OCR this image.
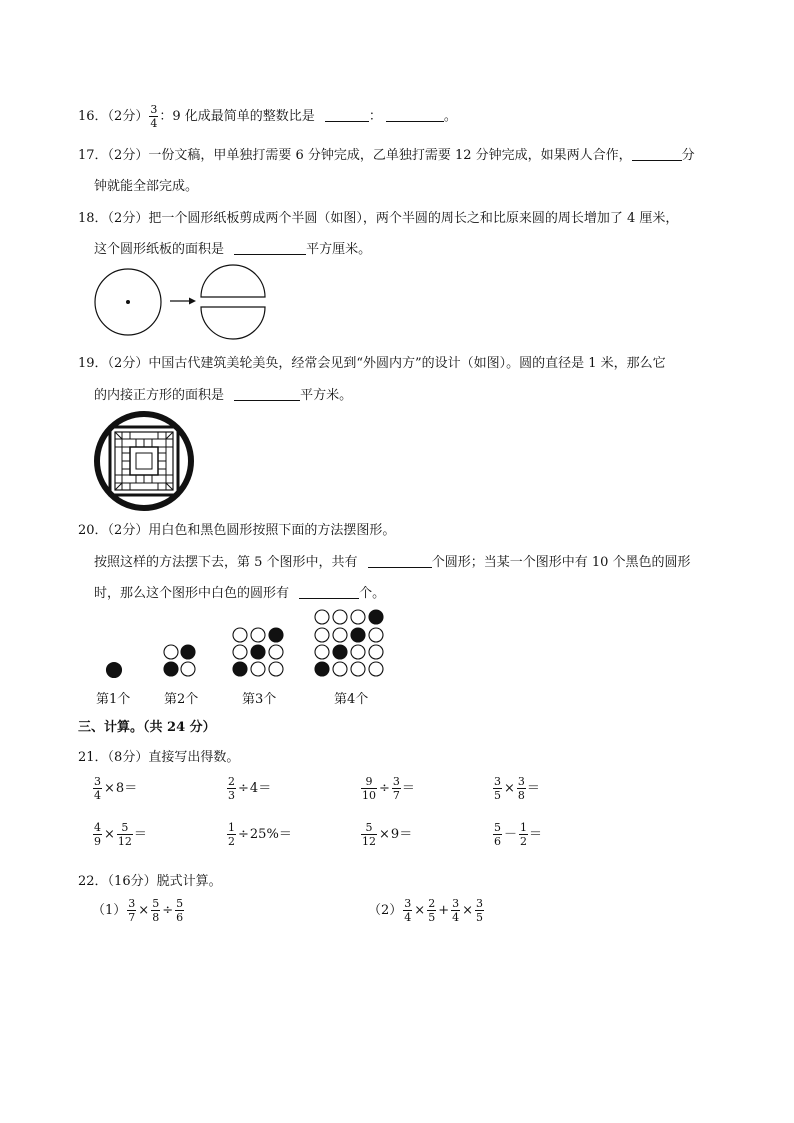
16．（2分） $\frac{3}{4}$ ：9 化成最简单的整数比是	：	。
17．（2分）一份文稿，甲单独打需要 6 分钟完成，乙单独打需要 12 分钟完成，如果两人合作，	分
钟就能全部完成。
18．（2分）把一个圆形纸板剪成两个半圆（如图），两个半圆的周长之和比原来圆的周长增加了 4 厘米，
这个圆形纸板的面积是	平方厘米。
19．（2分）中国古代建筑美轮美奂，经常会见到“外圆内方”的设计（如图）。圆的直径是 1 米，那么它
的内接正方形的面积是	平方米。
20．（2分）用白色和黑色圆形按照下面的方法摆图形。
按照这样的方法摆下去，第 5 个图形中，共有	个圆形；当某一个图形中有 10 个黑色的圆形
时，那么这个图形中白色的圆形有	个。
第1个	第2个	第3个	第4个
三、计算。（共 24 分）
21．（8分）直接写出得数。
$\frac{3}{4} \times 8=$	$\frac{2}{3} \div 4=$	$\frac{9}{10} \div \frac{3}{7}$ ＝	$\frac{3}{5} \times \frac{3}{8}$ ＝
$\frac{4}{9} \times \frac{5}{12}$ ＝	$\frac{1}{2} \div 25\%=$	$\frac{5}{12} \times 9=$	$\frac{5}{6} - \frac{1}{2}$ ＝
22．（16分）脱式计算。
$(1) \frac{3}{7} \times \frac{5}{8} \div \frac{5}{6}$	$(2) \frac{3}{4} \times \frac{2}{5} + \frac{3}{4} \times \frac{3}{5}$
